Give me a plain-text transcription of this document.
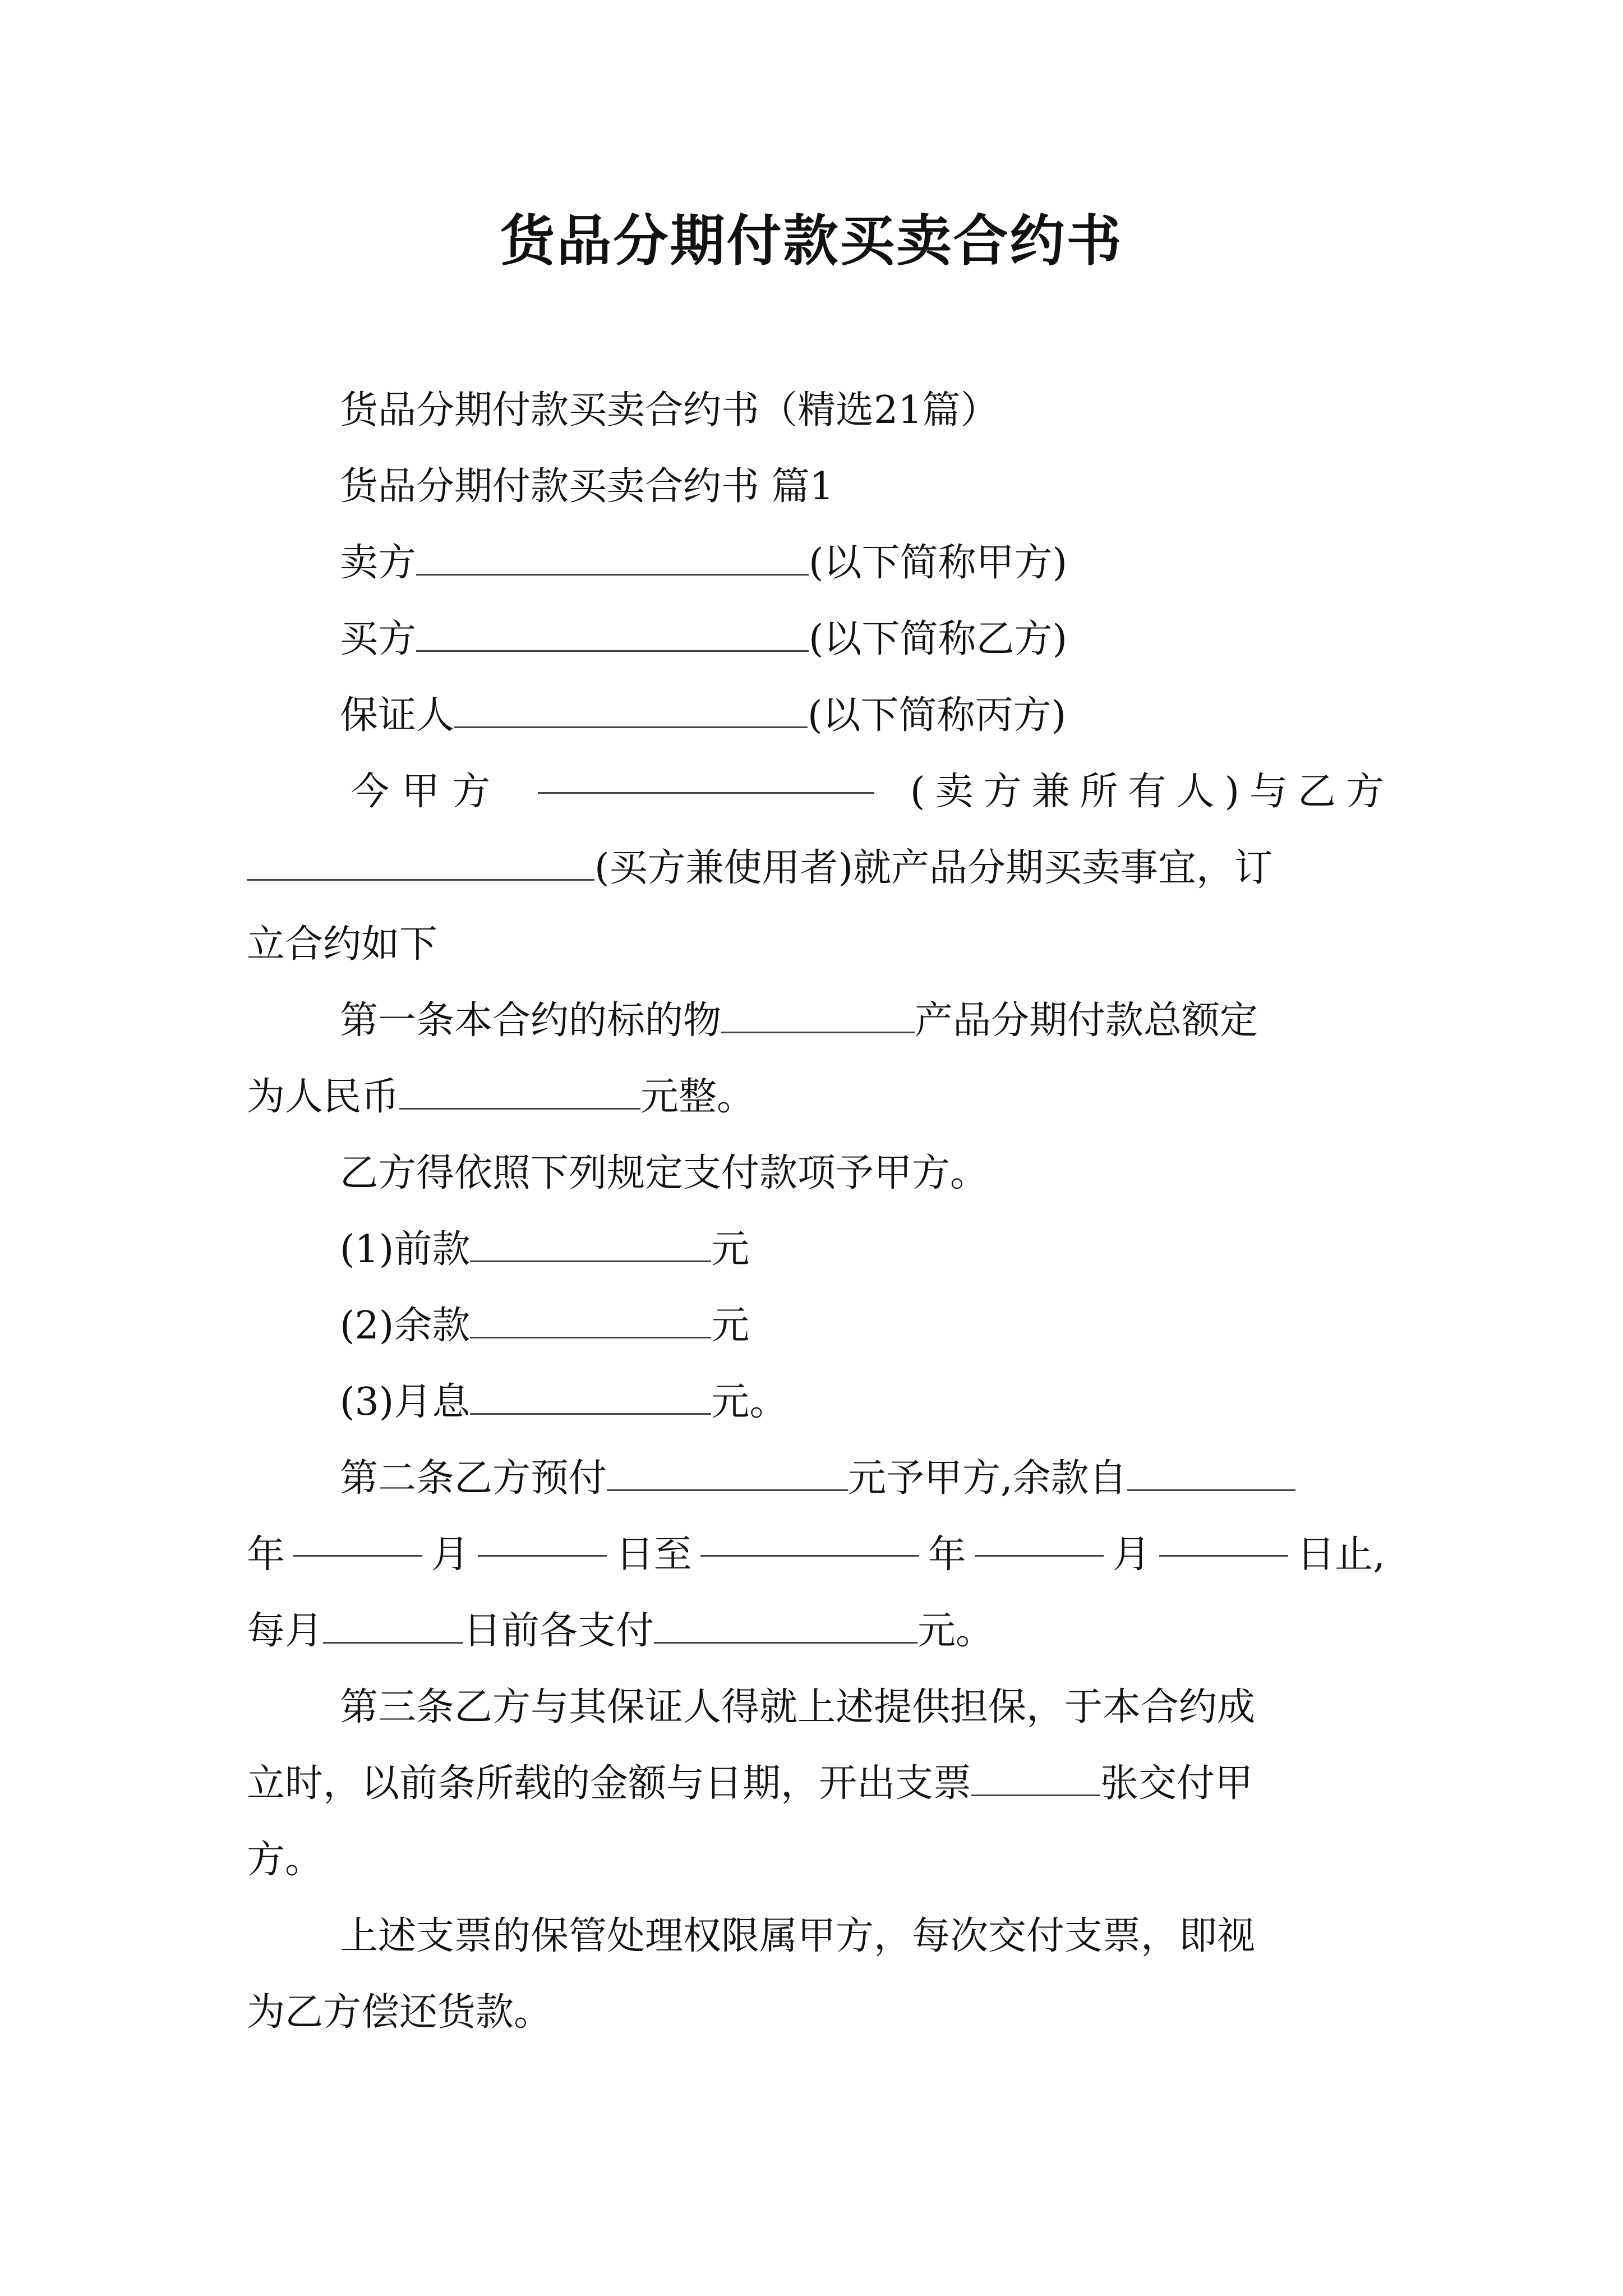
货品分期付款买卖合约书
货品分期付款买卖合约书（精选21篇）
货品分期付款买卖合约书 篇1
卖方	(以下简称甲方)
买方	(以下简称乙方)
保证人	(以下简称丙方)
今甲方	(卖方兼所有人)与乙方
(买方兼使用者)就产品分期买卖事宜，订
立合约如下
第一条本合约的标的物	产品分期付款总额定
为人民币	元整。
乙方得依照下列规定支付款项予甲方。
(1)前款	元
(2)余款	元
(3)月息	元。
第二条乙方预付	元予甲方,余款自
年	月	日至	年	月	日止,
每月	日前各支付	元。
第三条乙方与其保证人得就上述提供担保，于本合约成
立时，以前条所载的金额与日期，开出支票	张交付甲
方。
上述支票的保管处理权限属甲方，每次交付支票，即视
为乙方偿还货款。
